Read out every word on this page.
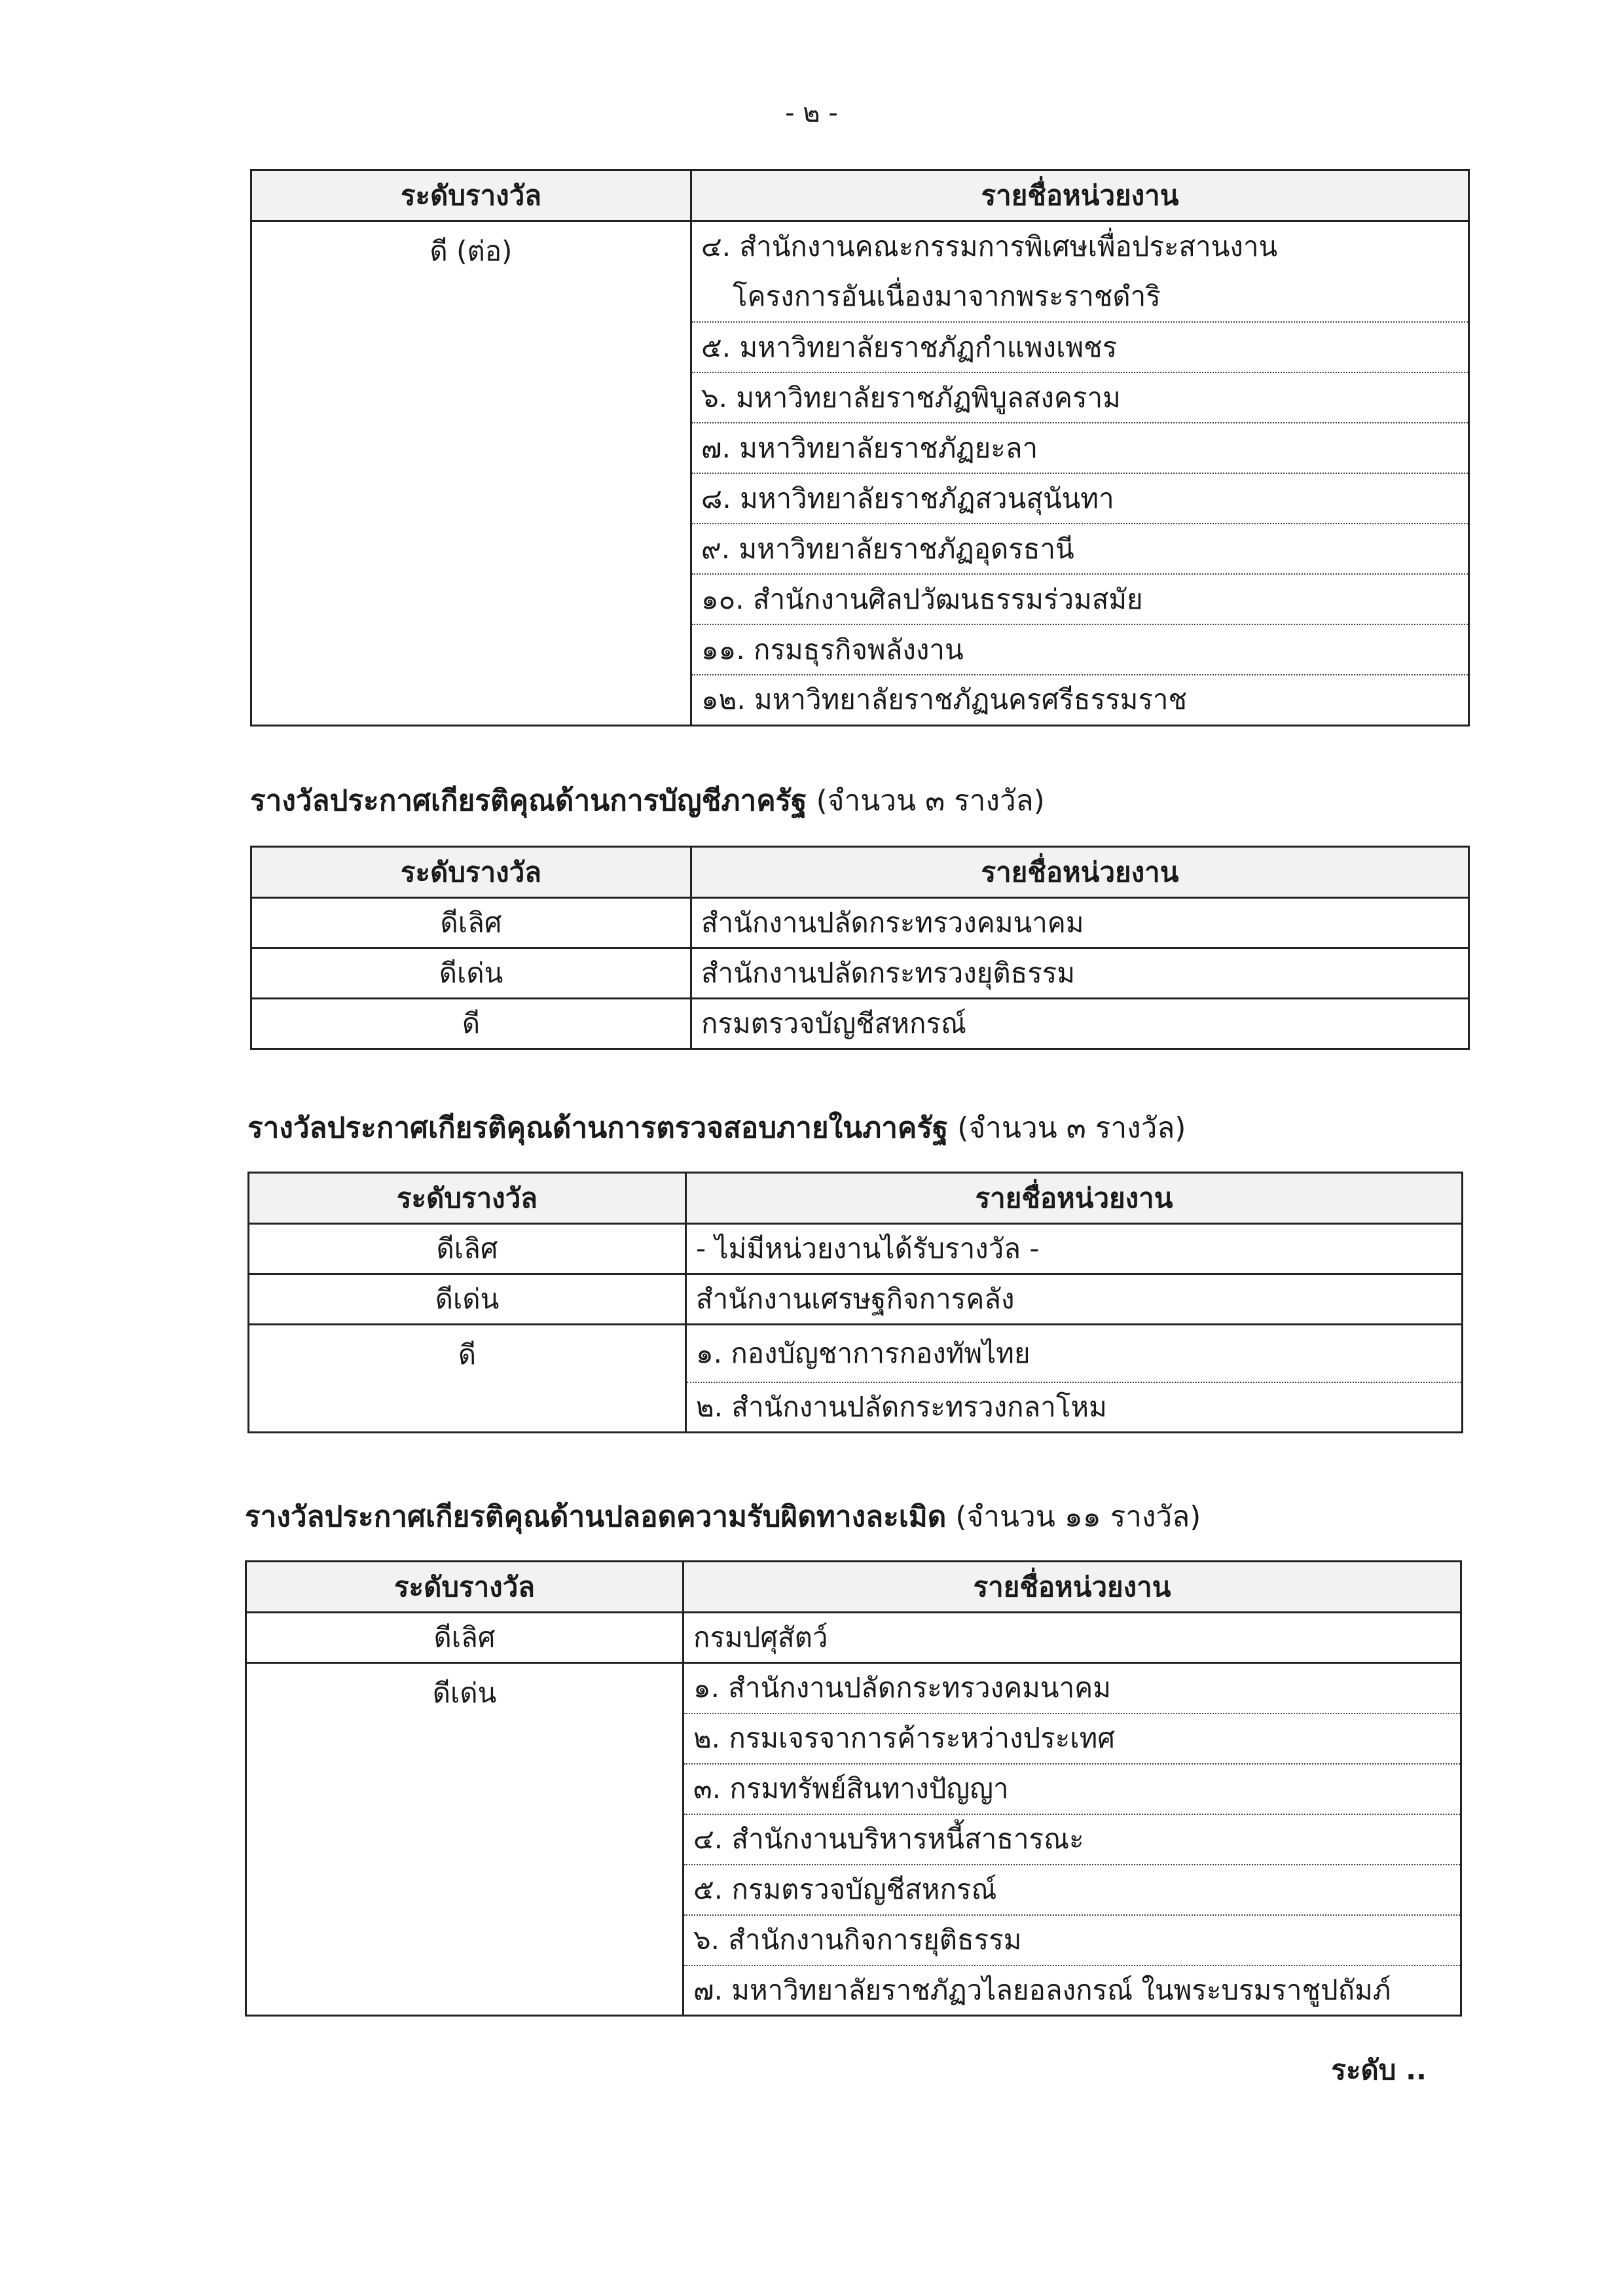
- ๒ -
ระดับรางวัล	รายชื่อหน่วยงาน
ดี (ต่อ)	๔. สำนักงานคณะกรรมการพิเศษเพื่อประสานงาน
โครงการอันเนื่องมาจากพระราชดำริ

	๕. มหาวิทยาลัยราชภัฏกำแพงเพชร
	๖. มหาวิทยาลัยราชภัฏพิบูลสงคราม
	๗. มหาวิทยาลัยราชภัฏยะลา
	๘. มหาวิทยาลัยราชภัฏสวนสุนันทา
	๙. มหาวิทยาลัยราชภัฏอุดรธานี
	๑๐. สำนักงานศิลปวัฒนธรรมร่วมสมัย
	๑๑. กรมธุรกิจพลังงาน
	๑๒. มหาวิทยาลัยราชภัฏนครศรีธรรมราช
รางวัลประกาศเกียรติคุณด้านการบัญชีภาครัฐ (จำนวน ๓ รางวัล)
ระดับรางวัล	รายชื่อหน่วยงาน
ดีเลิศ	สำนักงานปลัดกระทรวงคมนาคม
ดีเด่น	สำนักงานปลัดกระทรวงยุติธรรม
ดี	กรมตรวจบัญชีสหกรณ์
รางวัลประกาศเกียรติคุณด้านการตรวจสอบภายในภาครัฐ (จำนวน ๓ รางวัล)
ระดับรางวัล	รายชื่อหน่วยงาน
ดีเลิศ	- ไม่มีหน่วยงานได้รับรางวัล -
ดีเด่น	สำนักงานเศรษฐกิจการคลัง
ดี	๑. กองบัญชาการกองทัพไทย
	๒. สำนักงานปลัดกระทรวงกลาโหม
รางวัลประกาศเกียรติคุณด้านปลอดความรับผิดทางละเมิด (จำนวน ๑๑ รางวัล)
ระดับรางวัล	รายชื่อหน่วยงาน
ดีเลิศ	กรมปศุสัตว์
ดีเด่น	๑. สำนักงานปลัดกระทรวงคมนาคม
	๒. กรมเจรจาการค้าระหว่างประเทศ
	๓. กรมทรัพย์สินทางปัญญา
	๔. สำนักงานบริหารหนี้สาธารณะ
	๕. กรมตรวจบัญชีสหกรณ์
	๖. สำนักงานกิจการยุติธรรม
	๗. มหาวิทยาลัยราชภัฏวไลยอลงกรณ์ ในพระบรมราชูปถัมภ์
ระดับ ..
